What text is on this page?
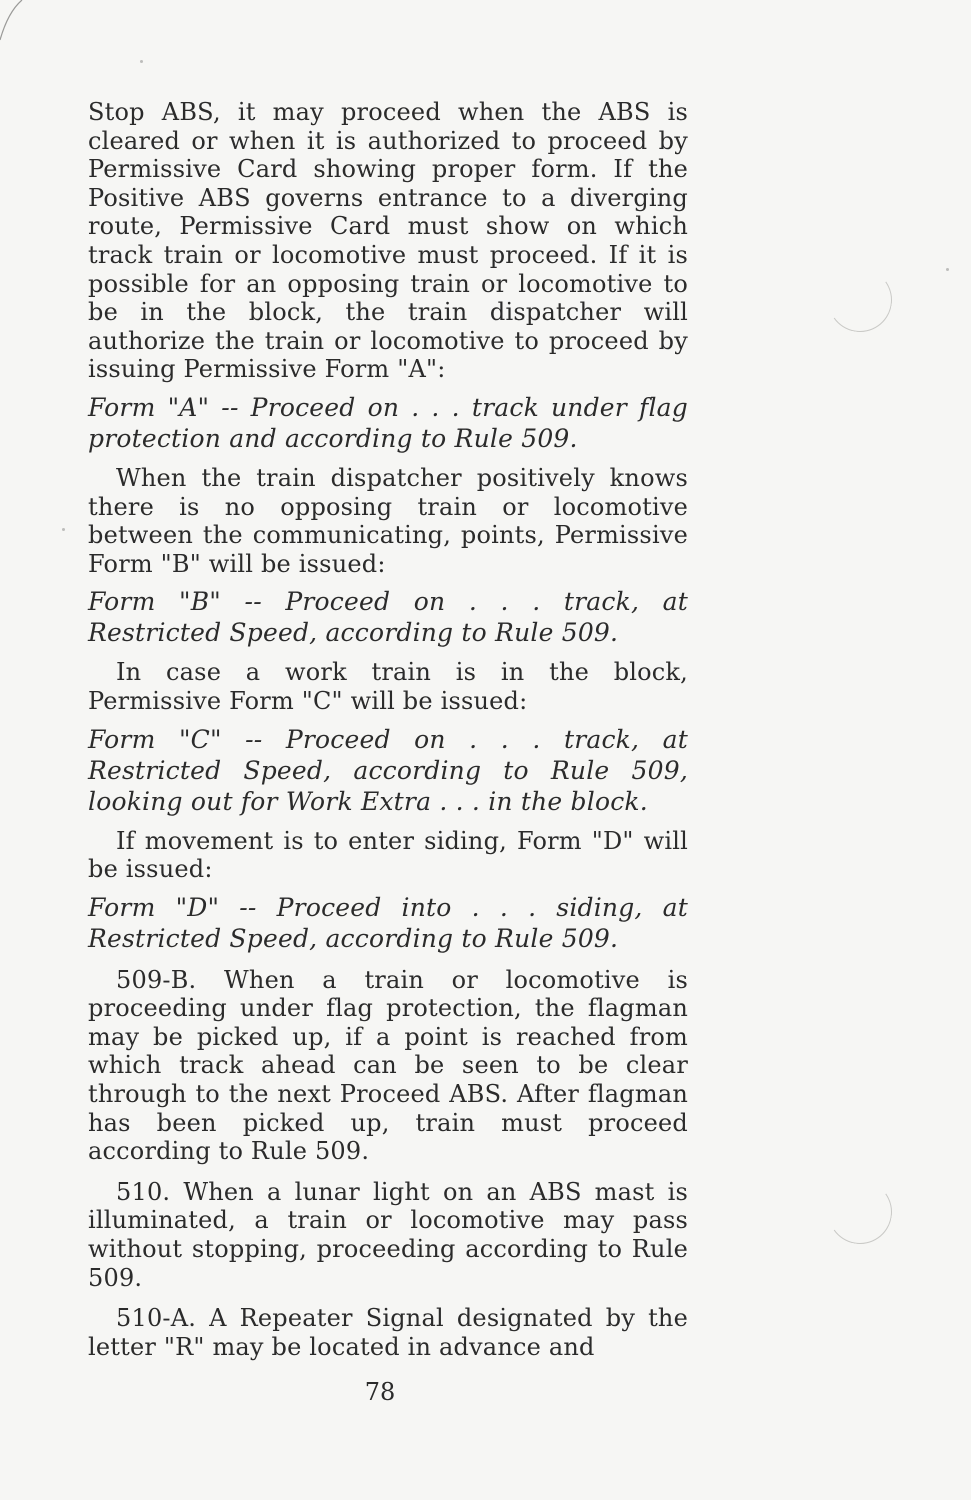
Stop ABS, it may proceed when the ABS is cleared or when it is authorized to proceed by Permissive Card showing proper form. If the Positive ABS governs entrance to a diverging route, Permissive Card must show on which track train or locomotive must proceed. If it is possible for an opposing train or locomotive to be in the block, the train dispatcher will authorize the train or locomotive to proceed by issuing Permissive Form "A":

Form "A" -- Proceed on . . . track under flag protection and according to Rule 509.

When the train dispatcher positively knows there is no opposing train or locomotive between the communicating, points, Permissive Form "B" will be issued:

Form "B" -- Proceed on . . . track, at Restricted Speed, according to Rule 509.

In case a work train is in the block, Permissive Form "C" will be issued:

Form "C" -- Proceed on . . . track, at Restricted Speed, according to Rule 509, looking out for Work Extra . . . in the block.

If movement is to enter siding, Form "D" will be issued:

Form "D" -- Proceed into . . . siding, at Restricted Speed, according to Rule 509.

509-B. When a train or locomotive is proceeding under flag protection, the flagman may be picked up, if a point is reached from which track ahead can be seen to be clear through to the next Proceed ABS. After flagman has been picked up, train must proceed according to Rule 509.

510. When a lunar light on an ABS mast is illuminated, a train or locomotive may pass without stopping, proceeding according to Rule 509.

510-A. A Repeater Signal designated by the letter "R" may be located in advance and

78
